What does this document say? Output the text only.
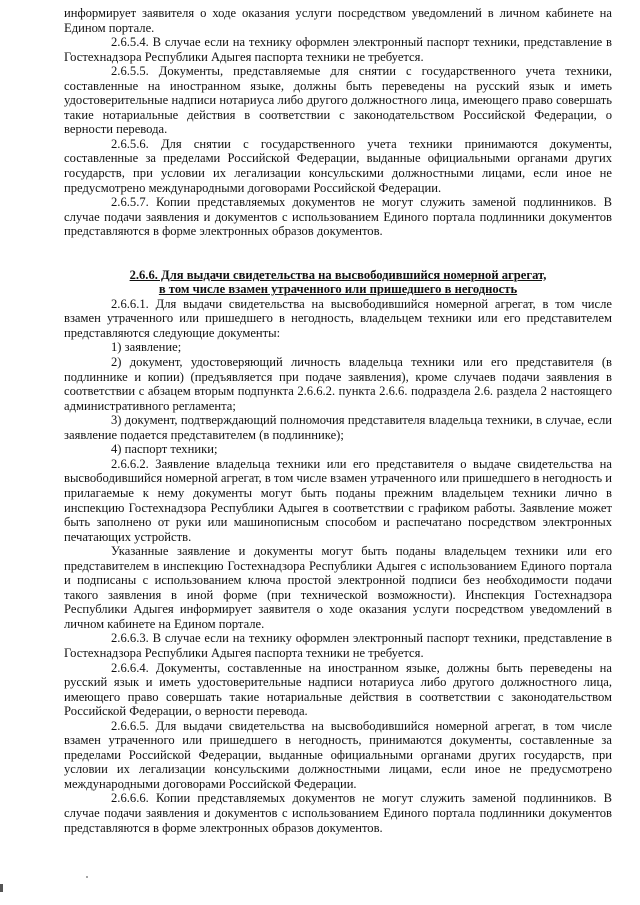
информирует заявителя о ходе оказания услуги посредством уведомлений в личном кабинете на Едином портале.

2.6.5.4. В случае если на технику оформлен электронный паспорт техники, представление в Гостехнадзора Республики Адыгея паспорта техники не требуется.

2.6.5.5. Документы, представляемые для снятии с государственного учета техники, составленные на иностранном языке, должны быть переведены на русский язык и иметь удостоверительные надписи нотариуса либо другого должностного лица, имеющего право совершать такие нотариальные действия в соответствии с законодательством Российской Федерации, о верности перевода.

2.6.5.6. Для снятии с государственного учета техники принимаются документы, составленные за пределами Российской Федерации, выданные официальными органами других государств, при условии их легализации консульскими должностными лицами, если иное не предусмотрено международными договорами Российской Федерации.

2.6.5.7. Копии представляемых документов не могут служить заменой подлинников. В случае подачи заявления и документов с использованием Единого портала подлинники документов представляются в форме электронных образов документов.

2.6.6. Для выдачи свидетельства на высвободившийся номерной агрегат,
в том числе взамен утраченного или пришедшего в негодность

2.6.6.1. Для выдачи свидетельства на высвободившийся номерной агрегат, в том числе взамен утраченного или пришедшего в негодность, владельцем техники или его представителем представляются следующие документы:

1) заявление;

2) документ, удостоверяющий личность владельца техники или его представителя (в подлиннике и копии) (предъявляется при подаче заявления), кроме случаев подачи заявления в соответствии с абзацем вторым подпункта 2.6.6.2. пункта 2.6.6. подраздела 2.6. раздела 2 настоящего административного регламента;

3) документ, подтверждающий полномочия представителя владельца техники, в случае, если заявление подается представителем (в подлиннике);

4) паспорт техники;

2.6.6.2. Заявление владельца техники или его представителя о выдаче свидетельства на высвободившийся номерной агрегат, в том числе взамен утраченного или пришедшего в негодность и прилагаемые к нему документы могут быть поданы прежним владельцем техники лично в инспекцию Гостехнадзора Республики Адыгея в соответствии с графиком работы. Заявление может быть заполнено от руки или машинописным способом и распечатано посредством электронных печатающих устройств.

Указанные заявление и документы могут быть поданы владельцем техники или его представителем в инспекцию Гостехнадзора Республики Адыгея с использованием Единого портала и подписаны с использованием ключа простой электронной подписи без необходимости подачи такого заявления в иной форме (при технической возможности). Инспекция Гостехнадзора Республики Адыгея информирует заявителя о ходе оказания услуги посредством уведомлений в личном кабинете на Едином портале.

2.6.6.3. В случае если на технику оформлен электронный паспорт техники, представление в Гостехнадзора Республики Адыгея паспорта техники не требуется.

2.6.6.4. Документы, составленные на иностранном языке, должны быть переведены на русский язык и иметь удостоверительные надписи нотариуса либо другого должностного лица, имеющего право совершать такие нотариальные действия в соответствии с законодательством Российской Федерации, о верности перевода.

2.6.6.5. Для выдачи свидетельства на высвободившийся номерной агрегат, в том числе взамен утраченного или пришедшего в негодность, принимаются документы, составленные за пределами Российской Федерации, выданные официальными органами других государств, при условии их легализации консульскими должностными лицами, если иное не предусмотрено международными договорами Российской Федерации.

2.6.6.6. Копии представляемых документов не могут служить заменой подлинников. В случае подачи заявления и документов с использованием Единого портала подлинники документов представляются в форме электронных образов документов.
